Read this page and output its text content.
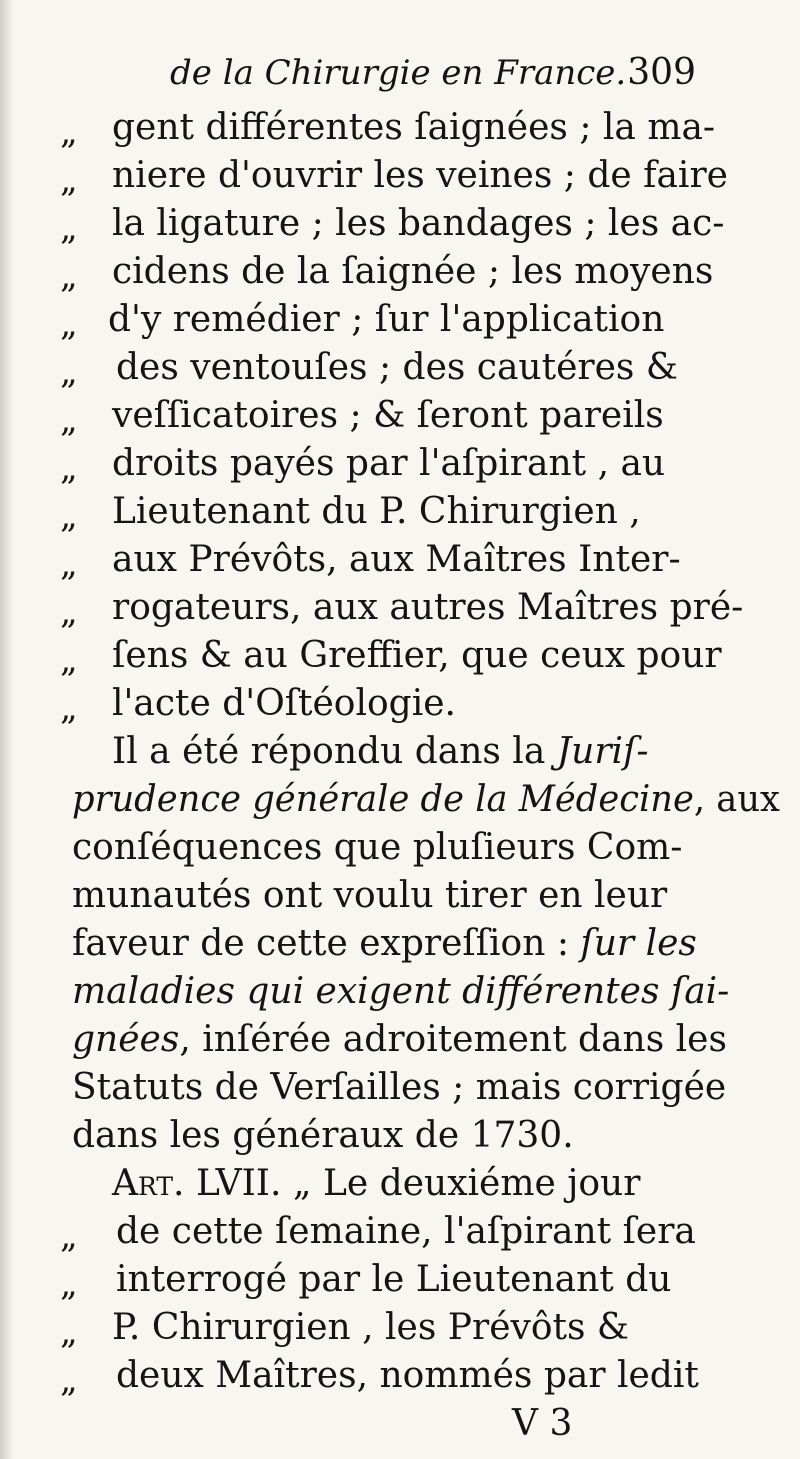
de la Chirurgie en France. 309
„ gent différentes ſaignées ; la ma-
„ niere d'ouvrir les veines ; de faire
„ la ligature ; les bandages ; les ac-
„ cidens de la ſaignée ; les moyens
„ d'y remédier ; ſur l'application
„ des ventouſes ; des cautéres &
„ veſſicatoires ; & ſeront pareils
„ droits payés par l'aſpirant , au
„ Lieutenant du P. Chirurgien ,
„ aux Prévôts, aux Maîtres Inter-
„ rogateurs, aux autres Maîtres pré-
„ ſens & au Greffier, que ceux pour
„ l'acte d'Oſtéologie.
Il a été répondu dans la Juriſ-
prudence générale de la Médecine, aux
conſéquences que pluſieurs Com-
munautés ont voulu tirer en leur
faveur de cette expreſſion : ſur les
maladies qui exigent différentes ſai-
gnées, inſérée adroitement dans les
Statuts de Verſailles ; mais corrigée
dans les généraux de 1730.
Art. LVII. „ Le deuxiéme jour
„ de cette ſemaine, l'aſpirant ſera
„ interrogé par le Lieutenant du
„ P. Chirurgien , les Prévôts &
„ deux Maîtres, nommés par ledit
V 3
